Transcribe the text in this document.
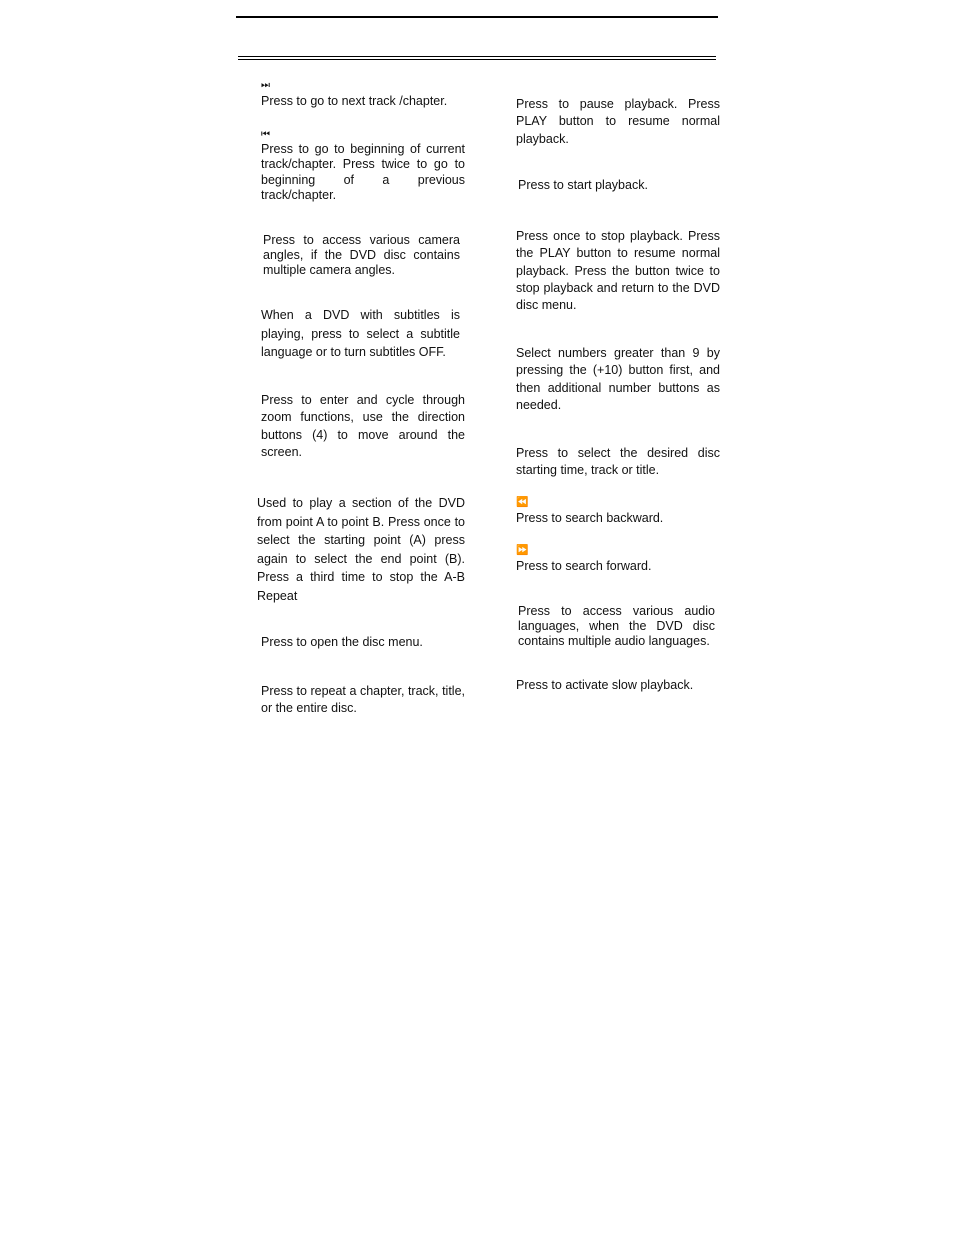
⏭
Press to go to next track /chapter.
⏮
Press to go to beginning of current track/chapter. Press twice to go to beginning of a previous track/chapter.
Press to access various camera angles, if the DVD disc contains multiple camera angles.
When a DVD with subtitles is playing, press to select a subtitle language or to turn subtitles OFF.
Press to enter and cycle through zoom functions, use the direction buttons (4) to move around the screen.
Used to play a section of the DVD from point A to point B. Press once to select the starting point (A) press again to select the end point (B). Press a third time to stop the A-B Repeat
Press to open the disc menu.
Press to repeat a chapter, track, title, or the entire disc.
Press to pause playback. Press PLAY button to resume normal playback.
Press to start playback.
Press once to stop playback. Press the PLAY button to resume normal playback. Press the button twice to stop playback and return to the DVD disc menu.
Select numbers greater than 9 by pressing the (+10) button first, and then additional number buttons as needed.
Press to select the desired disc starting time, track or title.
⏪
Press to search backward.
⏩
Press to search forward.
Press to access various audio languages, when the DVD disc contains multiple audio languages.
Press to activate slow playback.
